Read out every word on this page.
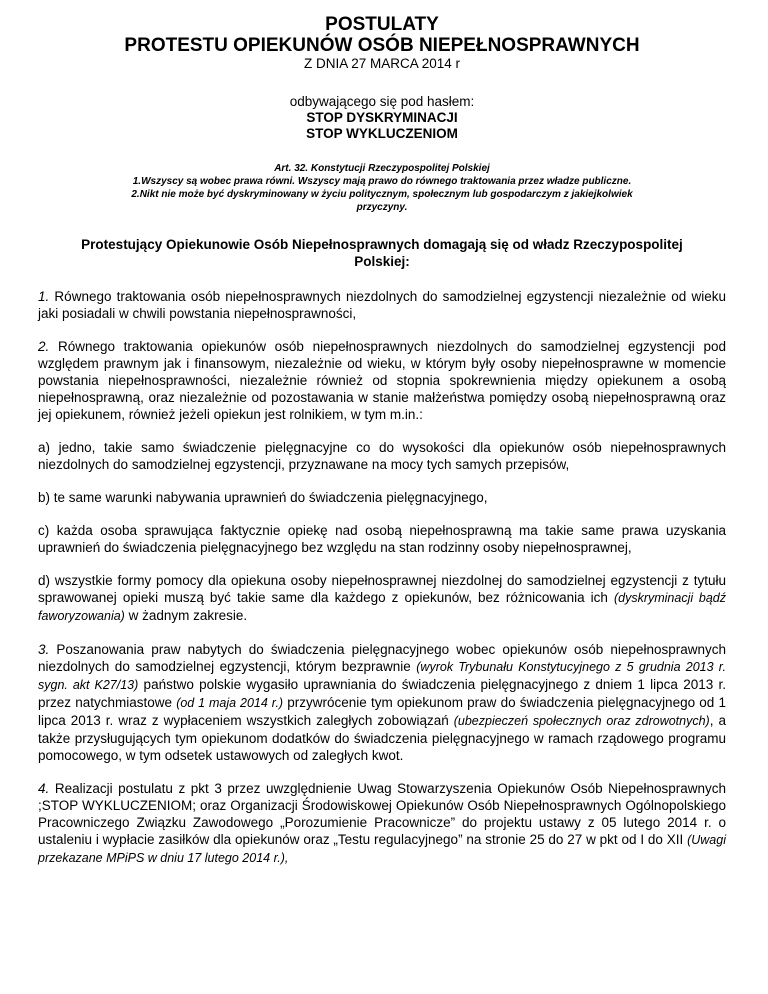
POSTULATY

PROTESTU OPIEKUNÓW OSÓB NIEPEŁNOSPRAWNYCH

Z DNIA 27 MARCA 2014 r

odbywającego się pod hasłem:

STOP DYSKRYMINACJI

STOP WYKLUCZENIOM

Art. 32. Konstytucji Rzeczypospolitej Polskiej

1.Wszyscy są wobec prawa równi. Wszyscy mają prawo do równego traktowania przez władze publiczne.

2.Nikt nie może być dyskryminowany w życiu politycznym, społecznym lub gospodarczym z jakiejkolwiek przyczyny.

Protestujący Opiekunowie Osób Niepełnosprawnych domagają się od władz Rzeczypospolitej Polskiej:

1. Równego traktowania osób niepełnosprawnych niezdolnych do samodzielnej egzystencji niezależnie od wieku jaki posiadali w chwili powstania niepełnosprawności,

2. Równego traktowania opiekunów osób niepełnosprawnych niezdolnych do samodzielnej egzystencji pod względem prawnym jak i finansowym, niezależnie od wieku, w którym były osoby niepełnosprawne w momencie powstania niepełnosprawności, niezależnie również od stopnia spokrewnienia między opiekunem a osobą niepełnosprawną, oraz niezależnie od pozostawania w stanie małżeństwa pomiędzy osobą niepełnosprawną oraz jej opiekunem, również jeżeli opiekun jest rolnikiem, w tym m.in.:

a) jedno, takie samo świadczenie pielęgnacyjne co do wysokości dla opiekunów osób niepełnosprawnych niezdolnych do samodzielnej egzystencji, przyznawane na mocy tych samych przepisów,

b) te same warunki nabywania uprawnień do świadczenia pielęgnacyjnego,

c) każda osoba sprawująca faktycznie opiekę nad osobą niepełnosprawną ma takie same prawa uzyskania uprawnień do świadczenia pielęgnacyjnego bez względu na stan rodzinny osoby niepełnosprawnej,

d) wszystkie formy pomocy dla opiekuna osoby niepełnosprawnej niezdolnej do samodzielnej egzystencji z tytułu sprawowanej opieki muszą być takie same dla każdego z opiekunów, bez różnicowania ich (dyskryminacji bądź faworyzowania) w żadnym zakresie.

3. Poszanowania praw nabytych do świadczenia pielęgnacyjnego wobec opiekunów osób niepełnosprawnych niezdolnych do samodzielnej egzystencji, którym bezprawnie (wyrok Trybunału Konstytucyjnego z 5 grudnia 2013 r. sygn. akt K27/13) państwo polskie wygasiło uprawniania do świadczenia pielęgnacyjnego z dniem 1 lipca 2013 r. przez natychmiastowe (od 1 maja 2014 r.) przywrócenie tym opiekunom praw do świadczenia pielęgnacyjnego od 1 lipca 2013 r. wraz z wypłaceniem wszystkich zaległych zobowiązań (ubezpieczeń społecznych oraz zdrowotnych), a także przysługujących tym opiekunom dodatków do świadczenia pielęgnacyjnego w ramach rządowego programu pomocowego, w tym odsetek ustawowych od zaległych kwot.

4. Realizacji postulatu z pkt 3 przez uwzględnienie Uwag Stowarzyszenia Opiekunów Osób Niepełnosprawnych ;STOP WYKLUCZENIOM; oraz Organizacji Środowiskowej Opiekunów Osób Niepełnosprawnych Ogólnopolskiego Pracowniczego Związku Zawodowego „Porozumienie Pracownicze” do projektu ustawy z 05 lutego 2014 r. o ustaleniu i wypłacie zasiłków dla opiekunów oraz „Testu regulacyjnego” na stronie 25 do 27 w pkt od I do XII (Uwagi przekazane MPiPS w dniu 17 lutego 2014 r.),
